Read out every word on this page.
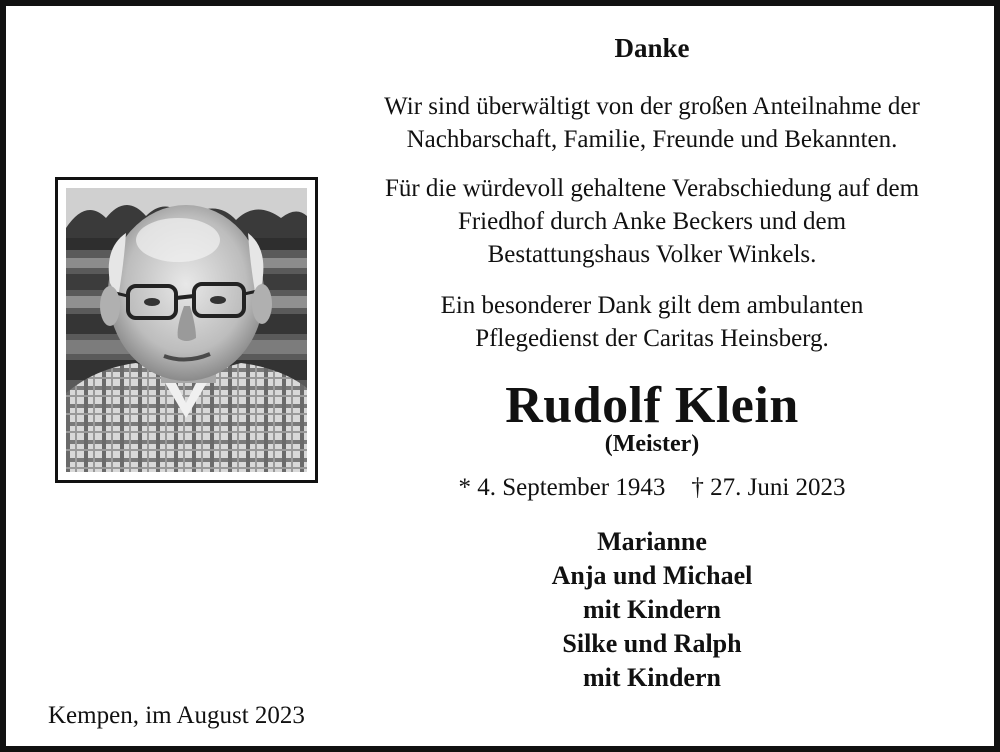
Danke
Wir sind überwältigt von der großen Anteilnahme der
Nachbarschaft, Familie, Freunde und Bekannten.
Für die würdevoll gehaltene Verabschiedung auf dem
Friedhof durch Anke Beckers und dem
Bestattungshaus Volker Winkels.
Ein besonderer Dank gilt dem ambulanten
Pflegedienst der Caritas Heinsberg.
Rudolf Klein
(Meister)
* 4. September 1943 † 27. Juni 2023
Marianne
Anja und Michael
mit Kindern
Silke und Ralph
mit Kindern
Kempen, im August 2023
